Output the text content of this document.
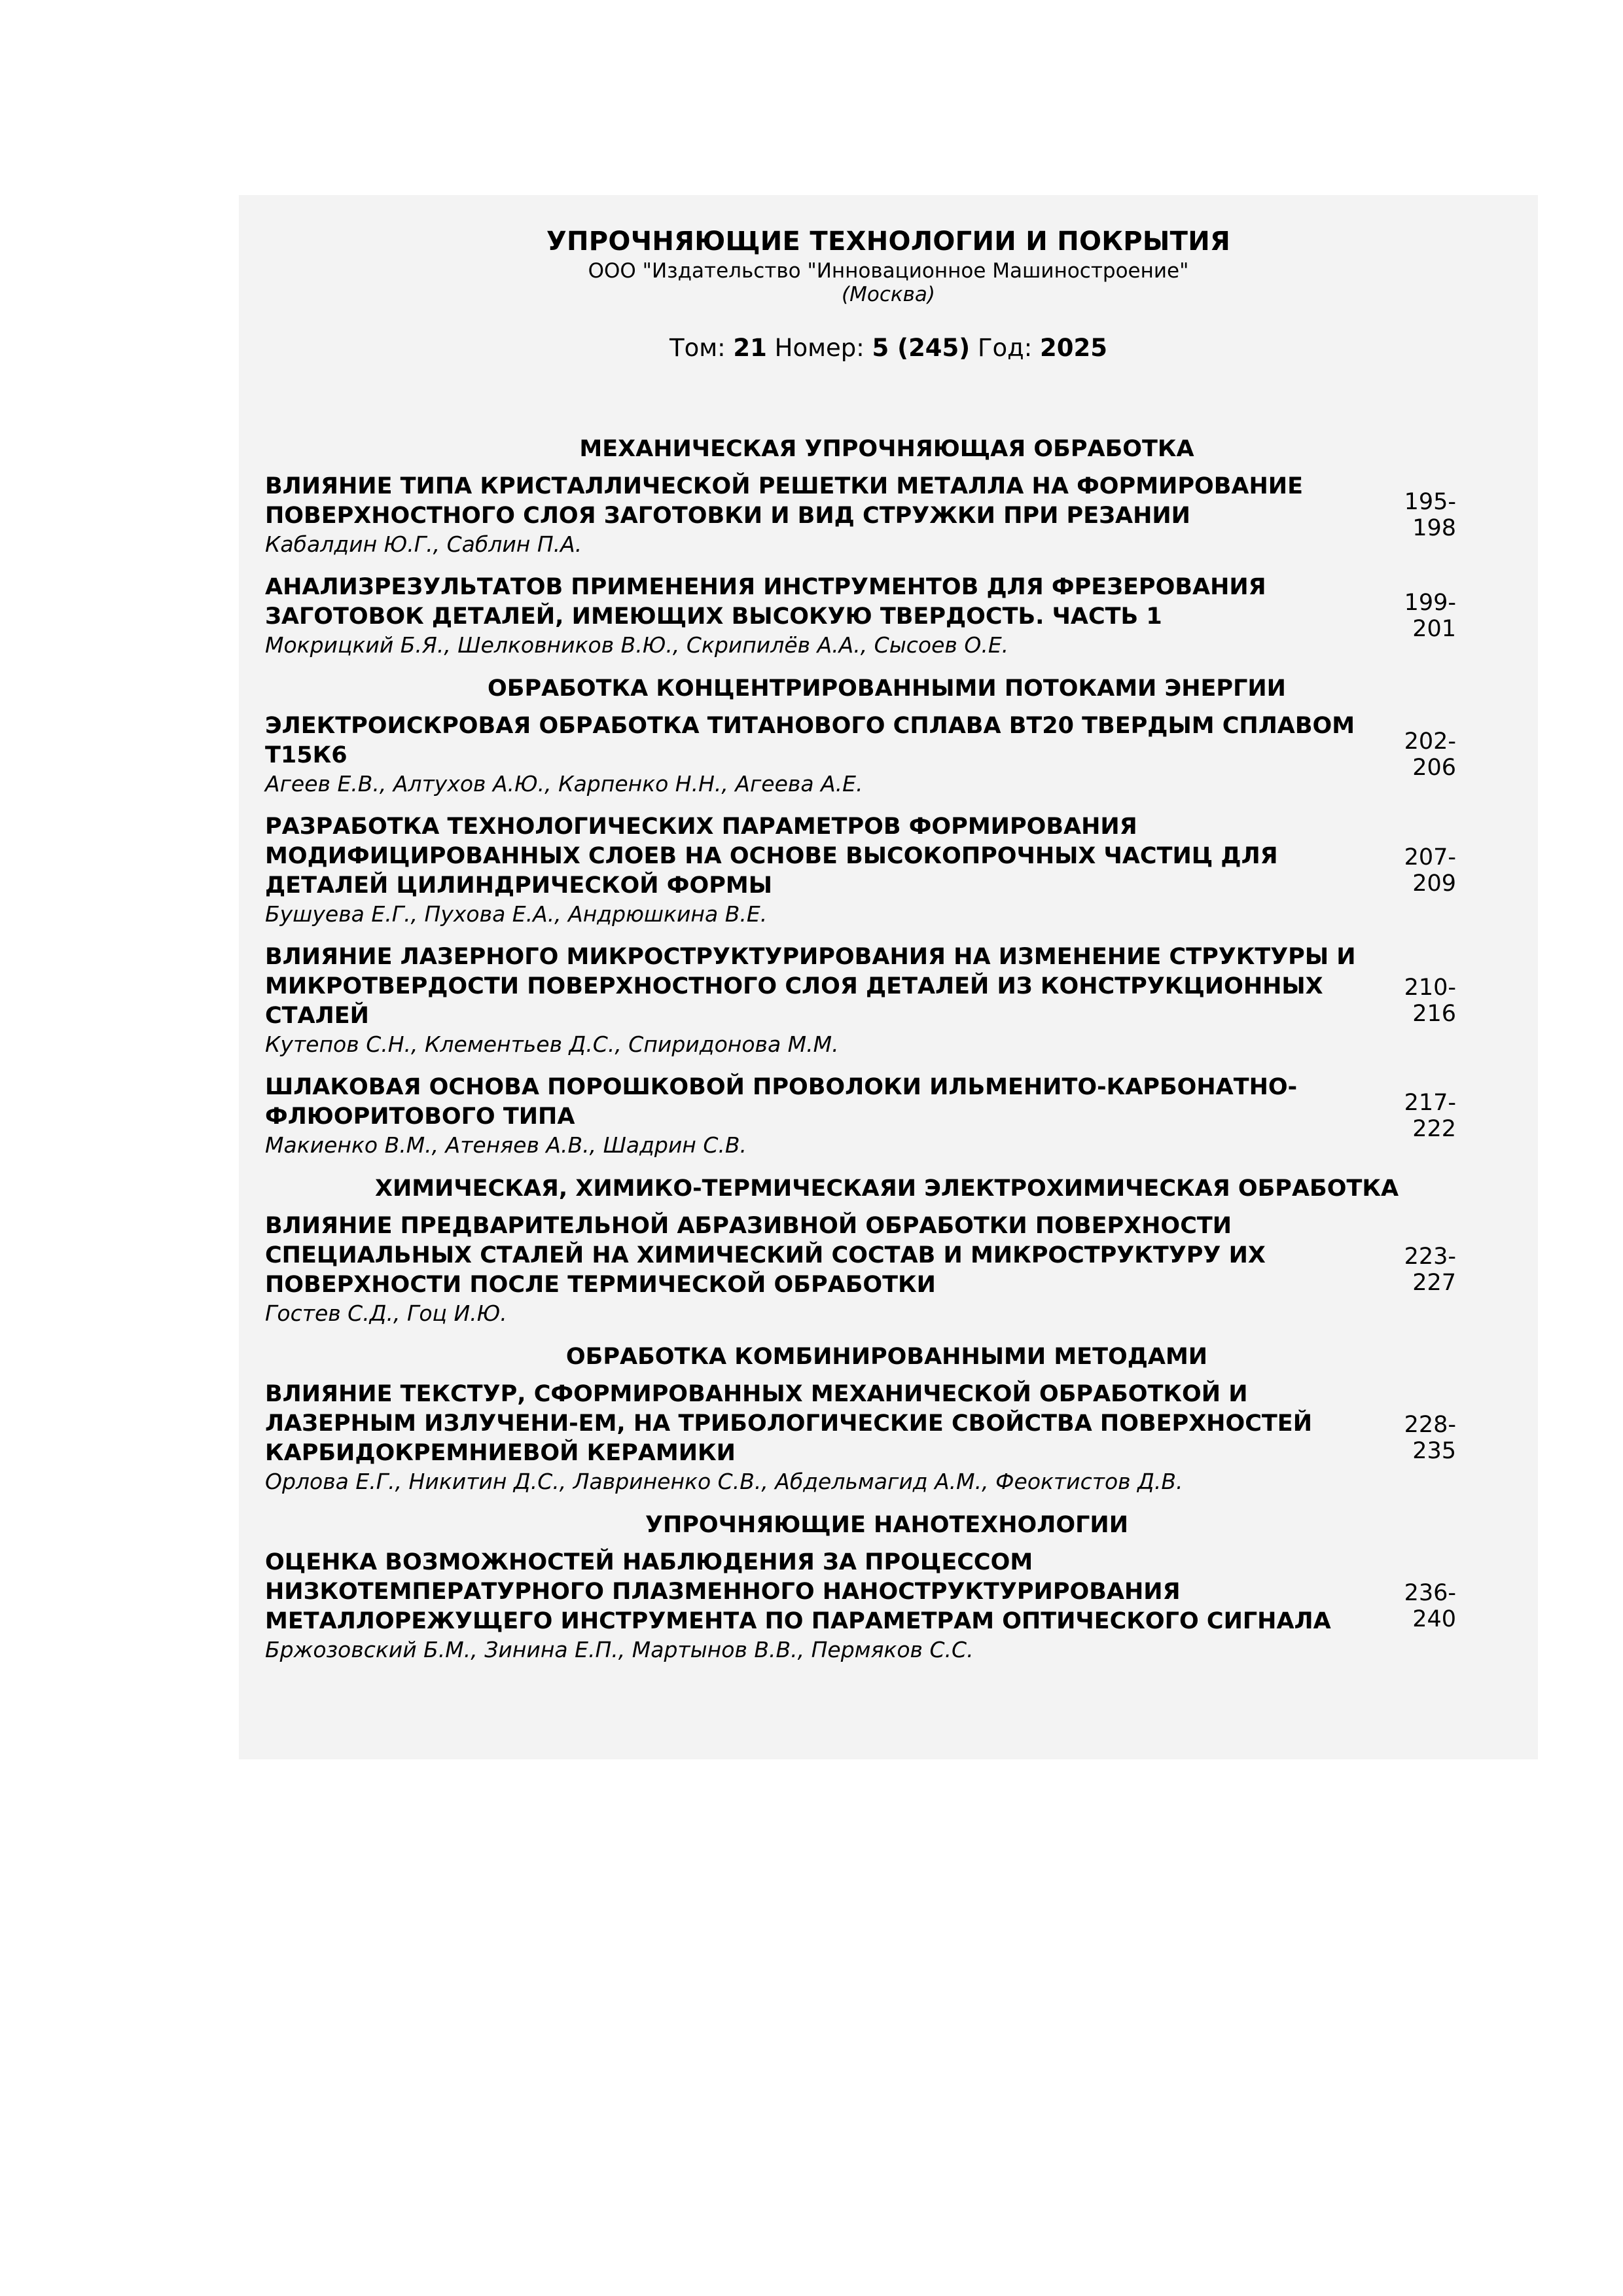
УПРОЧНЯЮЩИЕ ТЕХНОЛОГИИ И ПОКРЫТИЯ
ООО "Издательство "Инновационное Машиностроение"
(Москва)
Том: 21 Номер: 5 (245) Год: 2025
МЕХАНИЧЕСКАЯ УПРОЧНЯЮЩАЯ ОБРАБОТКА
ВЛИЯНИЕ ТИПА КРИСТАЛЛИЧЕСКОЙ РЕШЕТКИ МЕТАЛЛА НА ФОРМИРОВАНИЕ ПОВЕРХНОСТНОГО СЛОЯ ЗАГОТОВКИ И ВИД СТРУЖКИ ПРИ РЕЗАНИИ
Кабалдин Ю.Г., Саблин П.А.
195-198
АНАЛИЗРЕЗУЛЬТАТОВ ПРИМЕНЕНИЯ ИНСТРУМЕНТОВ ДЛЯ ФРЕЗЕРОВАНИЯ ЗАГОТОВОК ДЕТАЛЕЙ, ИМЕЮЩИХ ВЫСОКУЮ ТВЕРДОСТЬ. ЧАСТЬ 1
Мокрицкий Б.Я., Шелковников В.Ю., Скрипилёв А.А., Сысоев О.Е.
199-201
ОБРАБОТКА КОНЦЕНТРИРОВАННЫМИ ПОТОКАМИ ЭНЕРГИИ
ЭЛЕКТРОИСКРОВАЯ ОБРАБОТКА ТИТАНОВОГО СПЛАВА ВТ20 ТВЕРДЫМ СПЛАВОМ Т15К6
Агеев Е.В., Алтухов А.Ю., Карпенко Н.Н., Агеева А.Е.
202-206
РАЗРАБОТКА ТЕХНОЛОГИЧЕСКИХ ПАРАМЕТРОВ ФОРМИРОВАНИЯ МОДИФИЦИРОВАННЫХ СЛОЕВ НА ОСНОВЕ ВЫСОКОПРОЧНЫХ ЧАСТИЦ ДЛЯ ДЕТАЛЕЙ ЦИЛИНДРИЧЕСКОЙ ФОРМЫ
Бушуева Е.Г., Пухова Е.А., Андрюшкина В.Е.
207-209
ВЛИЯНИЕ ЛАЗЕРНОГО МИКРОСТРУКТУРИРОВАНИЯ НА ИЗМЕНЕНИЕ СТРУКТУРЫ И МИКРОТВЕРДОСТИ ПОВЕРХНОСТНОГО СЛОЯ ДЕТАЛЕЙ ИЗ КОНСТРУКЦИОННЫХ СТАЛЕЙ
Кутепов С.Н., Клементьев Д.С., Спиридонова М.М.
210-216
ШЛАКОВАЯ ОСНОВА ПОРОШКОВОЙ ПРОВОЛОКИ ИЛЬМЕНИТО-КАРБОНАТНО-ФЛЮОРИТОВОГО ТИПА
Макиенко В.М., Атеняев А.В., Шадрин С.В.
217-222
ХИМИЧЕСКАЯ, ХИМИКО-ТЕРМИЧЕСКАЯИ ЭЛЕКТРОХИМИЧЕСКАЯ ОБРАБОТКА
ВЛИЯНИЕ ПРЕДВАРИТЕЛЬНОЙ АБРАЗИВНОЙ ОБРАБОТКИ ПОВЕРХНОСТИ СПЕЦИАЛЬНЫХ СТАЛЕЙ НА ХИМИЧЕСКИЙ СОСТАВ И МИКРОСТРУКТУРУ ИХ ПОВЕРХНОСТИ ПОСЛЕ ТЕРМИЧЕСКОЙ ОБРАБОТКИ
Гостев С.Д., Гоц И.Ю.
223-227
ОБРАБОТКА КОМБИНИРОВАННЫМИ МЕТОДАМИ
ВЛИЯНИЕ ТЕКСТУР, СФОРМИРОВАННЫХ МЕХАНИЧЕСКОЙ ОБРАБОТКОЙ И ЛАЗЕРНЫМ ИЗЛУЧЕНИ-ЕМ, НА ТРИБОЛОГИЧЕСКИЕ СВОЙСТВА ПОВЕРХНОСТЕЙ КАРБИДОКРЕМНИЕВОЙ КЕРАМИКИ
Орлова Е.Г., Никитин Д.С., Лавриненко С.В., Абдельмагид А.М., Феоктистов Д.В.
228-235
УПРОЧНЯЮЩИЕ НАНОТЕХНОЛОГИИ
ОЦЕНКА ВОЗМОЖНОСТЕЙ НАБЛЮДЕНИЯ ЗА ПРОЦЕССОМ НИЗКОТЕМПЕРАТУРНОГО ПЛАЗМЕННОГО НАНОСТРУКТУРИРОВАНИЯ МЕТАЛЛОРЕЖУЩЕГО ИНСТРУМЕНТА ПО ПАРАМЕТРАМ ОПТИЧЕСКОГО СИГНАЛА
Бржозовский Б.М., Зинина Е.П., Мартынов В.В., Пермяков С.С.
236-240
